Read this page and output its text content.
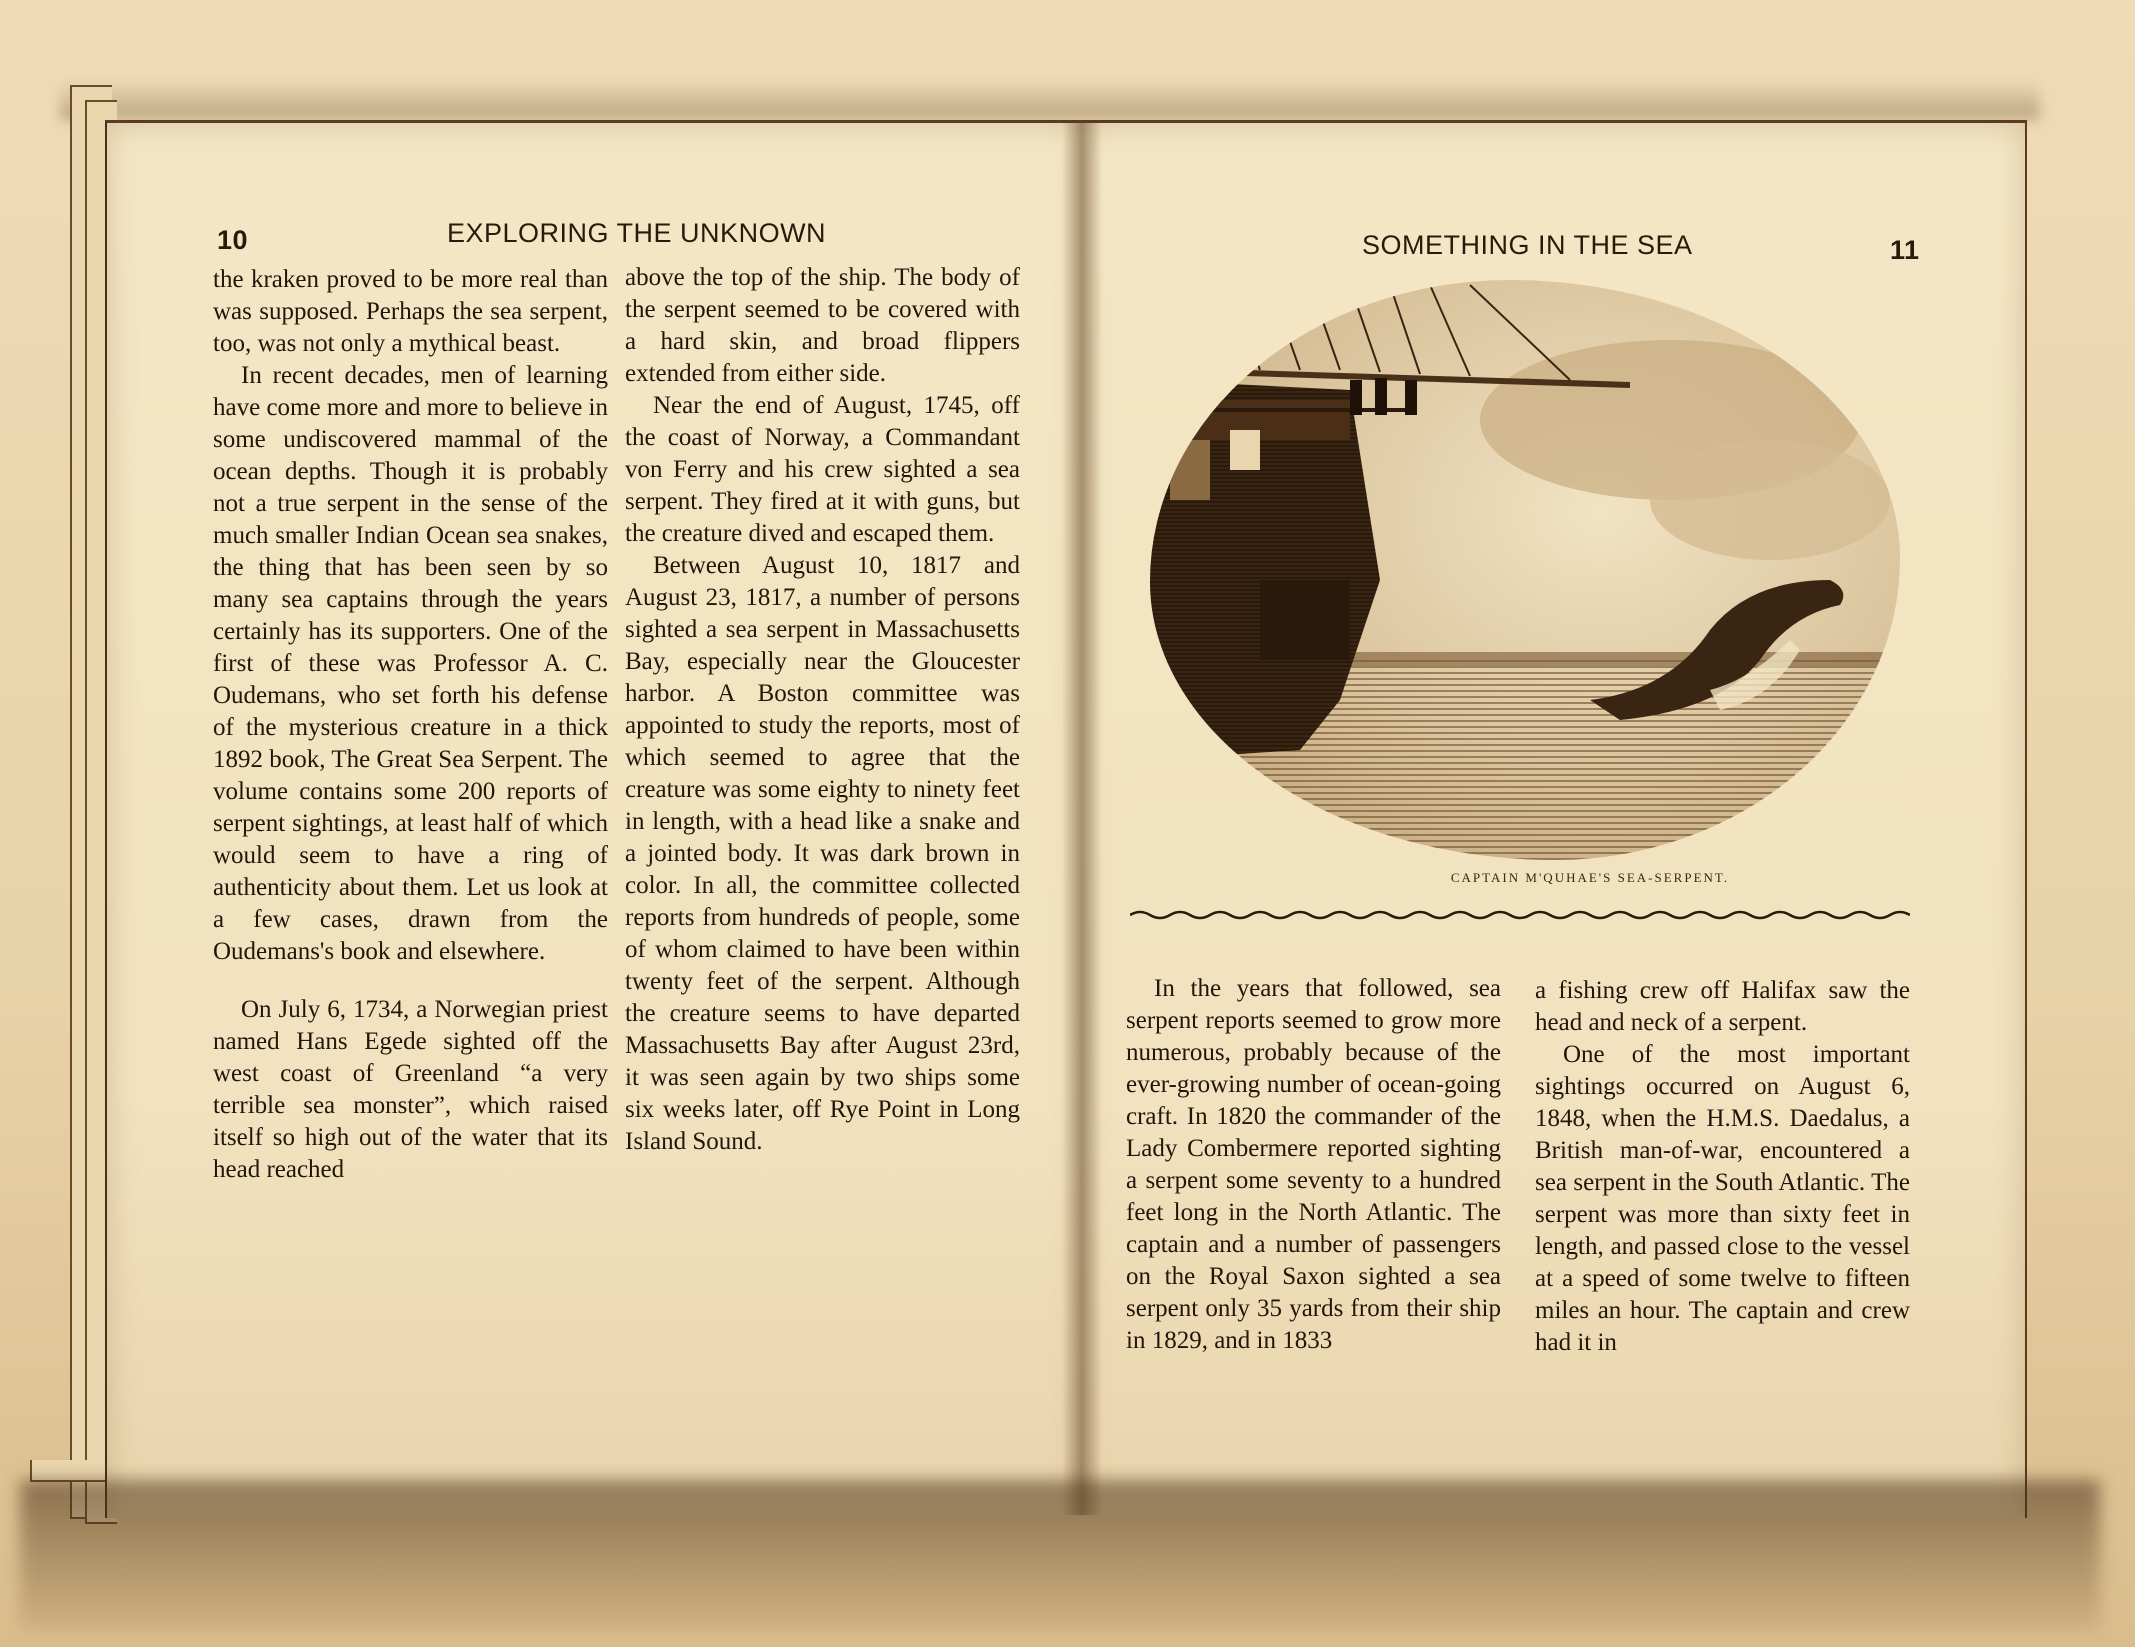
10	EXPLORING THE UNKNOWN

the kraken proved to be more real than was supposed. Perhaps the sea serpent, too, was not only a mythical beast.

In recent decades, men of learning have come more and more to believe in some undiscovered mammal of the ocean depths. Though it is probably not a true serpent in the sense of the much smaller Indian Ocean sea snakes, the thing that has been seen by so many sea captains through the years certainly has its supporters. One of the first of these was Professor A. C. Oudemans, who set forth his defense of the mysterious creature in a thick 1892 book, The Great Sea Serpent. The volume contains some 200 reports of serpent sightings, at least half of which would seem to have a ring of authenticity about them. Let us look at a few cases, drawn from the Oudemans's book and elsewhere.

On July 6, 1734, a Norwegian priest named Hans Egede sighted off the west coast of Greenland “a very terrible sea monster”, which raised itself so high out of the water that its head reached

above the top of the ship. The body of the serpent seemed to be covered with a hard skin, and broad flippers extended from either side.

Near the end of August, 1745, off the coast of Norway, a Commandant von Ferry and his crew sighted a sea serpent. They fired at it with guns, but the creature dived and escaped them.

Between August 10, 1817 and August 23, 1817, a number of persons sighted a sea serpent in Massachusetts Bay, especially near the Gloucester harbor. A Boston committee was appointed to study the reports, most of which seemed to agree that the creature was some eighty to ninety feet in length, with a head like a snake and a jointed body. It was dark brown in color. In all, the committee collected reports from hundreds of people, some of whom claimed to have been within twenty feet of the serpent. Although the creature seems to have departed Massachusetts Bay after August 23rd, it was seen again by two ships some six weeks later, off Rye Point in Long Island Sound.

SOMETHING IN THE SEA	11
CAPTAIN M'QUHAE'S SEA-SERPENT.

In the years that followed, sea serpent reports seemed to grow more numerous, probably because of the ever-growing number of ocean-going craft. In 1820 the commander of the Lady Combermere reported sighting a serpent some seventy to a hundred feet long in the North Atlantic. The captain and a number of passengers on the Royal Saxon sighted a sea serpent only 35 yards from their ship in 1829, and in 1833

a fishing crew off Halifax saw the head and neck of a serpent.

One of the most important sightings occurred on August 6, 1848, when the H.M.S. Daedalus, a British man-of-war, encountered a sea serpent in the South Atlantic. The serpent was more than sixty feet in length, and passed close to the vessel at a speed of some twelve to fifteen miles an hour. The captain and crew had it in
